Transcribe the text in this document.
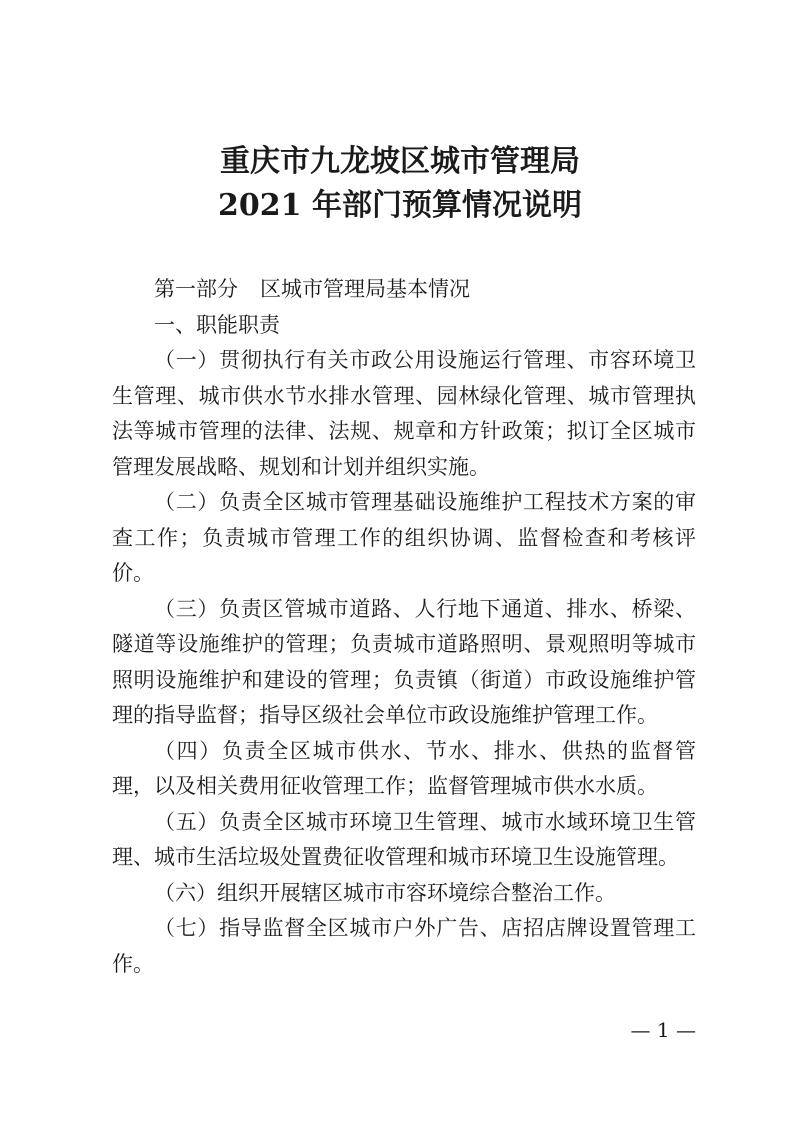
重庆市九龙坡区城市管理局
2021 年部门预算情况说明

第一部分 区城市管理局基本情况

一、职能职责

（一）贯彻执行有关市政公用设施运行管理、市容环境卫生管理、城市供水节水排水管理、园林绿化管理、城市管理执法等城市管理的法律、法规、规章和方针政策；拟订全区城市管理发展战略、规划和计划并组织实施。

（二）负责全区城市管理基础设施维护工程技术方案的审查工作；负责城市管理工作的组织协调、监督检查和考核评价。

（三）负责区管城市道路、人行地下通道、排水、桥梁、隧道等设施维护的管理；负责城市道路照明、景观照明等城市照明设施维护和建设的管理；负责镇（街道）市政设施维护管理的指导监督；指导区级社会单位市政设施维护管理工作。

（四）负责全区城市供水、节水、排水、供热的监督管理，以及相关费用征收管理工作；监督管理城市供水水质。

（五）负责全区城市环境卫生管理、城市水域环境卫生管理、城市生活垃圾处置费征收管理和城市环境卫生设施管理。

（六）组织开展辖区城市市容环境综合整治工作。

（七）指导监督全区城市户外广告、店招店牌设置管理工作。

— 1 —
